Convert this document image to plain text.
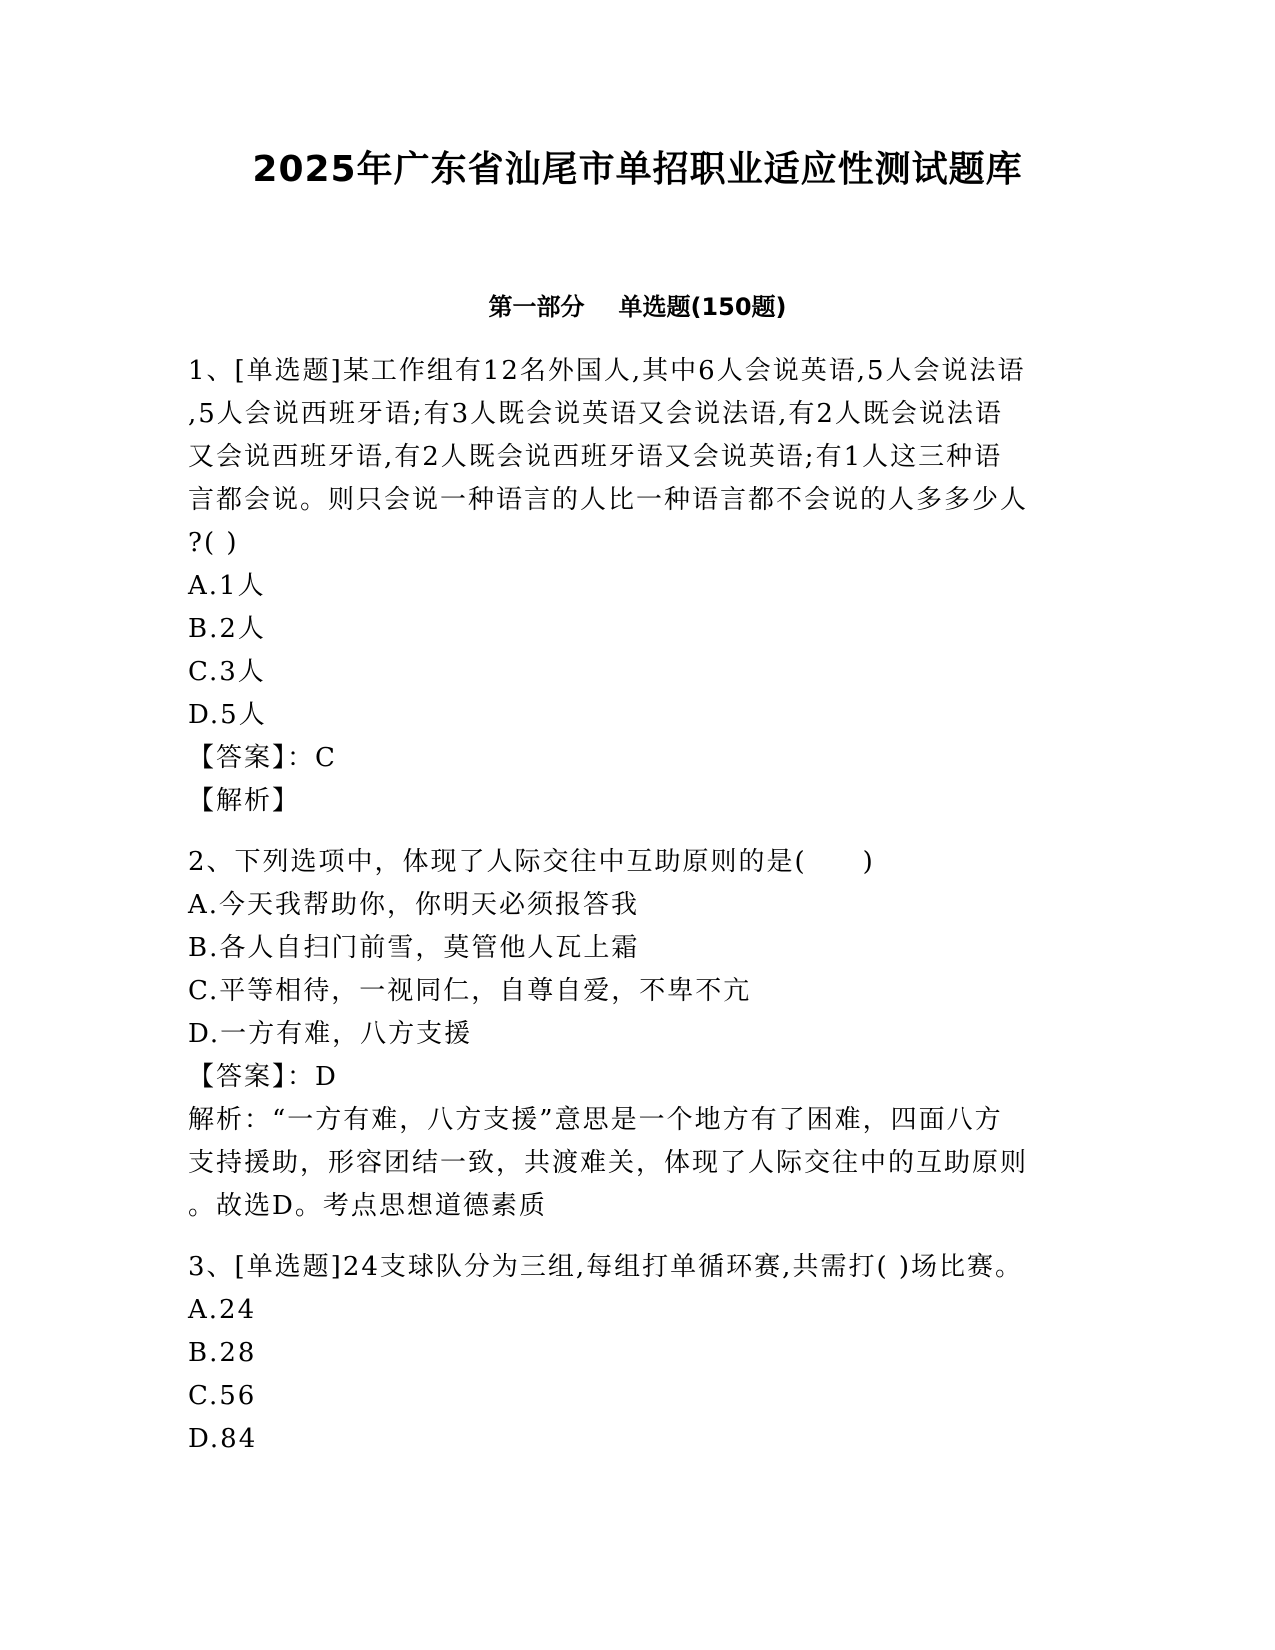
2025年广东省汕尾市单招职业适应性测试题库
第一部分 单选题(150题)
1、[单选题]某工作组有12名外国人,其中6人会说英语,5人会说法语
,5人会说西班牙语;有3人既会说英语又会说法语,有2人既会说法语
又会说西班牙语,有2人既会说西班牙语又会说英语;有1人这三种语
言都会说。则只会说一种语言的人比一种语言都不会说的人多多少人
?( )
A.1人
B.2人
C.3人
D.5人
【答案】：C
【解析】
2、下列选项中，体现了人际交往中互助原则的是(　　)
A.今天我帮助你，你明天必须报答我
B.各人自扫门前雪，莫管他人瓦上霜
C.平等相待，一视同仁，自尊自爱，不卑不亢
D.一方有难，八方支援
【答案】：D
解析：“一方有难，八方支援”意思是一个地方有了困难，四面八方
支持援助，形容团结一致，共渡难关，体现了人际交往中的互助原则
。故选D。考点思想道德素质
3、[单选题]24支球队分为三组,每组打单循环赛,共需打( )场比赛。
A.24
B.28
C.56
D.84
